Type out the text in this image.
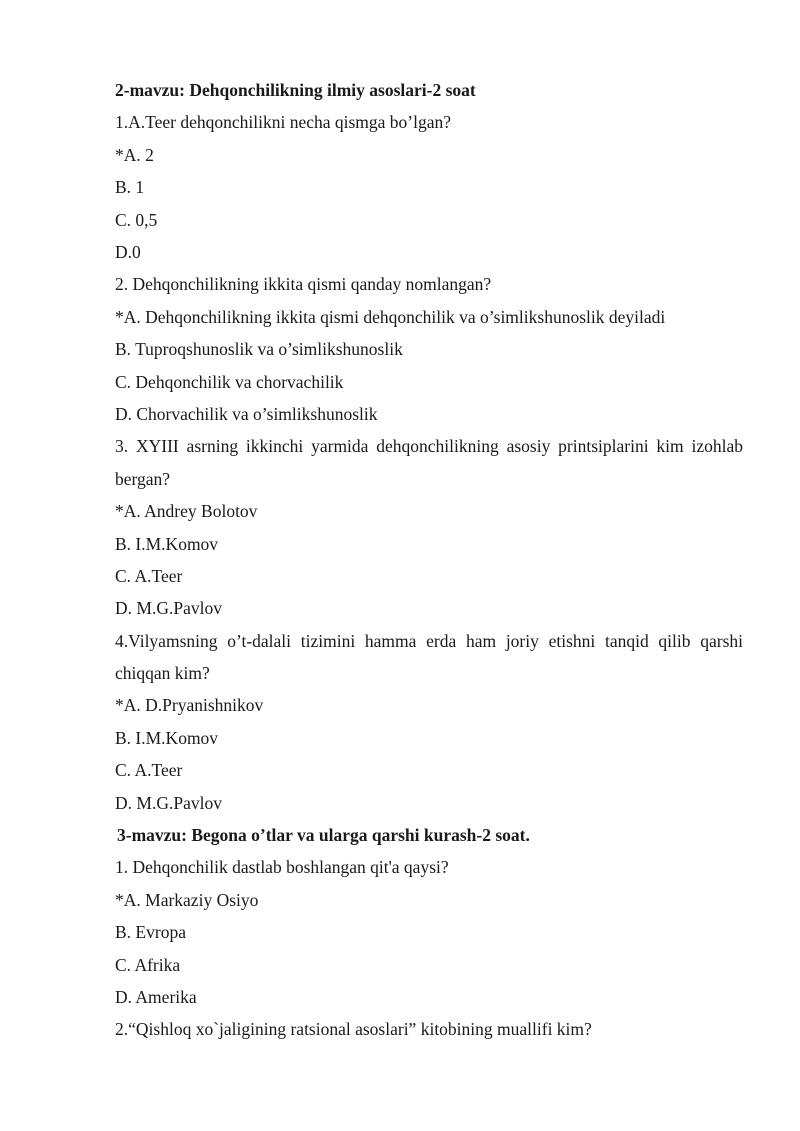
2-mavzu: Dehqonchilikning ilmiy asoslari-2 soat
1.A.Teer dehqonchilikni necha qismga bo’lgan?
*A. 2
B. 1
C. 0,5
D.0
2. Dehqonchilikning ikkita qismi qanday nomlangan?
*A. Dehqonchilikning ikkita qismi dehqonchilik va o’simlikshunoslik deyiladi
B. Tuproqshunoslik va o’simlikshunoslik
C. Dehqonchilik va chorvachilik
D. Chorvachilik va o’simlikshunoslik
3. XYIII asrning ikkinchi yarmida dehqonchilikning asosiy printsiplarini kim izohlab bergan?
*A. Andrey Bolotov
B. I.M.Komov
C. A.Teer
D. M.G.Pavlov
4.Vilyamsning o’t-dalali tizimini hamma erda ham joriy etishni tanqid qilib qarshi chiqqan kim?
*A. D.Pryanishnikov
B. I.M.Komov
C. A.Teer
D. M.G.Pavlov
3-mavzu: Begona o’tlar va ularga qarshi kurash-2 soat.
1. Dehqonchilik dastlab boshlangan qit'a qaysi?
*A. Markaziy Osiyo
B. Evropa
C. Afrika
D. Amerika
2.“Qishloq xo`jaligining ratsional asoslari” kitobining muallifi kim?
